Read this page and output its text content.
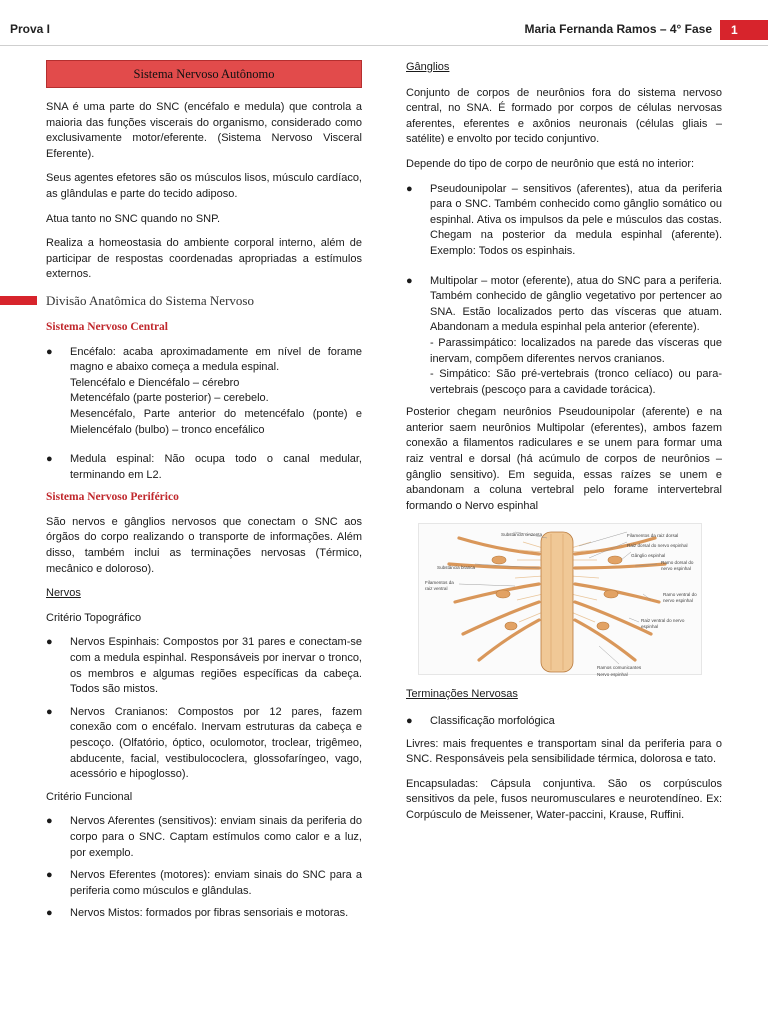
Prova I	Maria Fernanda Ramos – 4° Fase	1
Sistema Nervoso Autônomo

SNA é uma parte do SNC (encéfalo e medula) que controla a maioria das funções viscerais do organismo, considerado como exclusivamente motor/eferente. (Sistema Nervoso Visceral Eferente).

Seus agentes efetores são os músculos lisos, músculo cardíaco, as glândulas e parte do tecido adiposo.

Atua tanto no SNC quando no SNP.

Realiza a homeostasia do ambiente corporal interno, além de participar de respostas coordenadas apropriadas a estímulos externos.

Divisão Anatômica do Sistema Nervoso
Sistema Nervoso Central
● Encéfalo: acaba aproximadamente em nível de forame magno e abaixo começa a medula espinal.
Telencéfalo e Diencéfalo – cérebro
Metencéfalo (parte posterior) – cerebelo.
Mesencéfalo, Parte anterior do metencéfalo (ponte) e Mielencéfalo (bulbo) – tronco encefálico
● Medula espinal: Não ocupa todo o canal medular, terminando em L2.
Sistema Nervoso Periférico

São nervos e gânglios nervosos que conectam o SNC aos órgãos do corpo realizando o transporte de informações. Além disso, também inclui as terminações nervosas (Térmico, mecânico e doloroso).

Nervos
Critério Topográfico
● Nervos Espinhais: Compostos por 31 pares e conectam-se com a medula espinhal. Responsáveis por inervar o tronco, os membros e algumas regiões específicas da cabeça. Todos são mistos.
● Nervos Cranianos: Compostos por 12 pares, fazem conexão com o encéfalo. Inervam estruturas da cabeça e pescoço. (Olfatório, óptico, oculomotor, troclear, trigêmeo, abducente, facial, vestibulococlera, glossofaríngeo, vago, acessório e hipoglosso).
Critério Funcional
● Nervos Aferentes (sensitivos): enviam sinais da periferia do corpo para o SNC. Captam estímulos como calor e a luz, por exemplo.
● Nervos Eferentes (motores): enviam sinais do SNC para a periferia como músculos e glândulas.
● Nervos Mistos: formados por fibras sensoriais e motoras.
Gânglios

Conjunto de corpos de neurônios fora do sistema nervoso central, no SNA. É formado por corpos de células nervosas aferentes, eferentes e axônios neuronais (células gliais – satélite) e envolto por tecido conjuntivo.

Depende do tipo de corpo de neurônio que está no interior:

● Pseudounipolar – sensitivos (aferentes), atua da periferia para o SNC. Também conhecido como gânglio somático ou espinhal. Ativa os impulsos da pele e músculos das costas. Chegam na posterior da medula espinhal (aferente). Exemplo: Todos os espinhais.
● Multipolar – motor (eferente), atua do SNC para a periferia. Também conhecido de gânglio vegetativo por pertencer ao SNA. Estão localizados perto das vísceras que atuam. Abandonam a medula espinhal pela anterior (eferente).
- Parassimpático: localizados na parede das vísceras que inervam, compõem diferentes nervos cranianos.
- Simpático: São pré-vertebrais (tronco celíaco) ou para-vertebrais (pescoço para a cavidade torácica).

Posterior chegam neurônios Pseudounipolar (aferente) e na anterior saem neurônios Multipolar (eferentes), ambos fazem conexão a filamentos radiculares e se unem para formar uma raiz ventral e dorsal (há acúmulo de corpos de neurônios – gânglio sensitivo). Em seguida, essas raízes se unem e abandonam a coluna vertebral pelo forame intervertebral formando o Nervo espinhal

Substância cinzenta	Filamentos da raiz dorsal
Raiz dorsal do nervo espinhal
Gânglio espinhal
Ramo dorsal do nervo espinhal
Substância branca
Filamentos da raiz ventral
Ramo ventral do nervo espinhal
Raiz ventral do nervo espinhal
Ramos comunicantes
Nervo espinhal
Terminações Nervosas
● Classificação morfológica

Livres: mais frequentes e transportam sinal da periferia para o SNC. Responsáveis pela sensibilidade térmica, dolorosa e tato.

Encapsuladas: Cápsula conjuntiva. São os corpúsculos sensitivos da pele, fusos neuromusculares e neurotendíneo. Ex: Corpúsculo de Meissener, Water-paccini, Krause, Ruffini.
